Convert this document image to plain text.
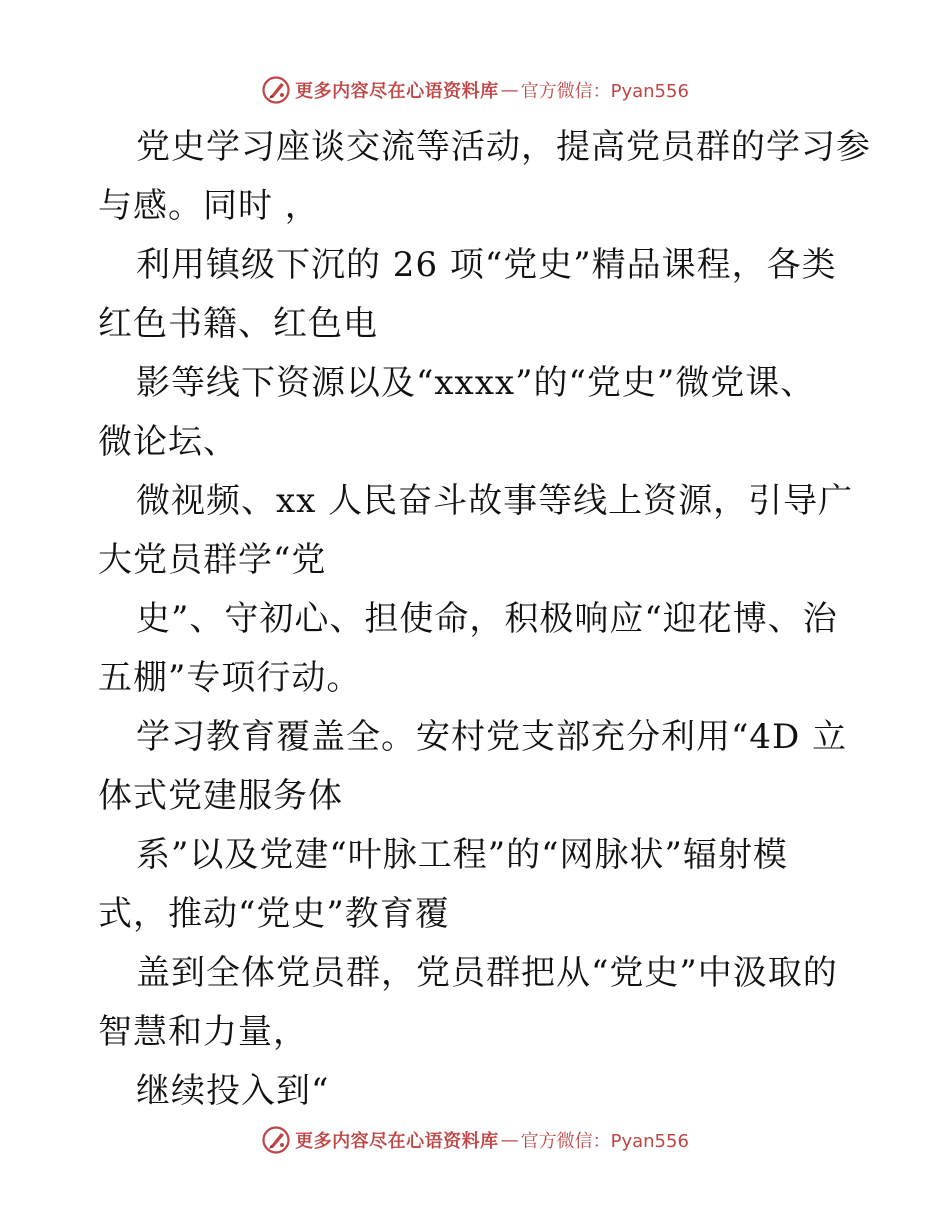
更多内容尽在心语资料库 — 官方微信：Pyan556
党史学习座谈交流等活动，提高党员群的学习参
与感。同时 ，
利用镇级下沉的 26 项“党史”精品课程，各类
红色书籍、红色电
影等线下资源以及“xxxx”的“党史”微党课、
微论坛、
微视频、xx 人民奋斗故事等线上资源，引导广
大党员群学“党
史”、守初心、担使命，积极响应“迎花博、治
五棚”专项行动。
学习教育覆盖全。安村党支部充分利用“4D 立
体式党建服务体
系”以及党建“叶脉工程”的“网脉状”辐射模
式，推动“党史”教育覆
盖到全体党员群，党员群把从“党史”中汲取的
智慧和力量，
继续投入到“
更多内容尽在心语资料库 — 官方微信：Pyan556
